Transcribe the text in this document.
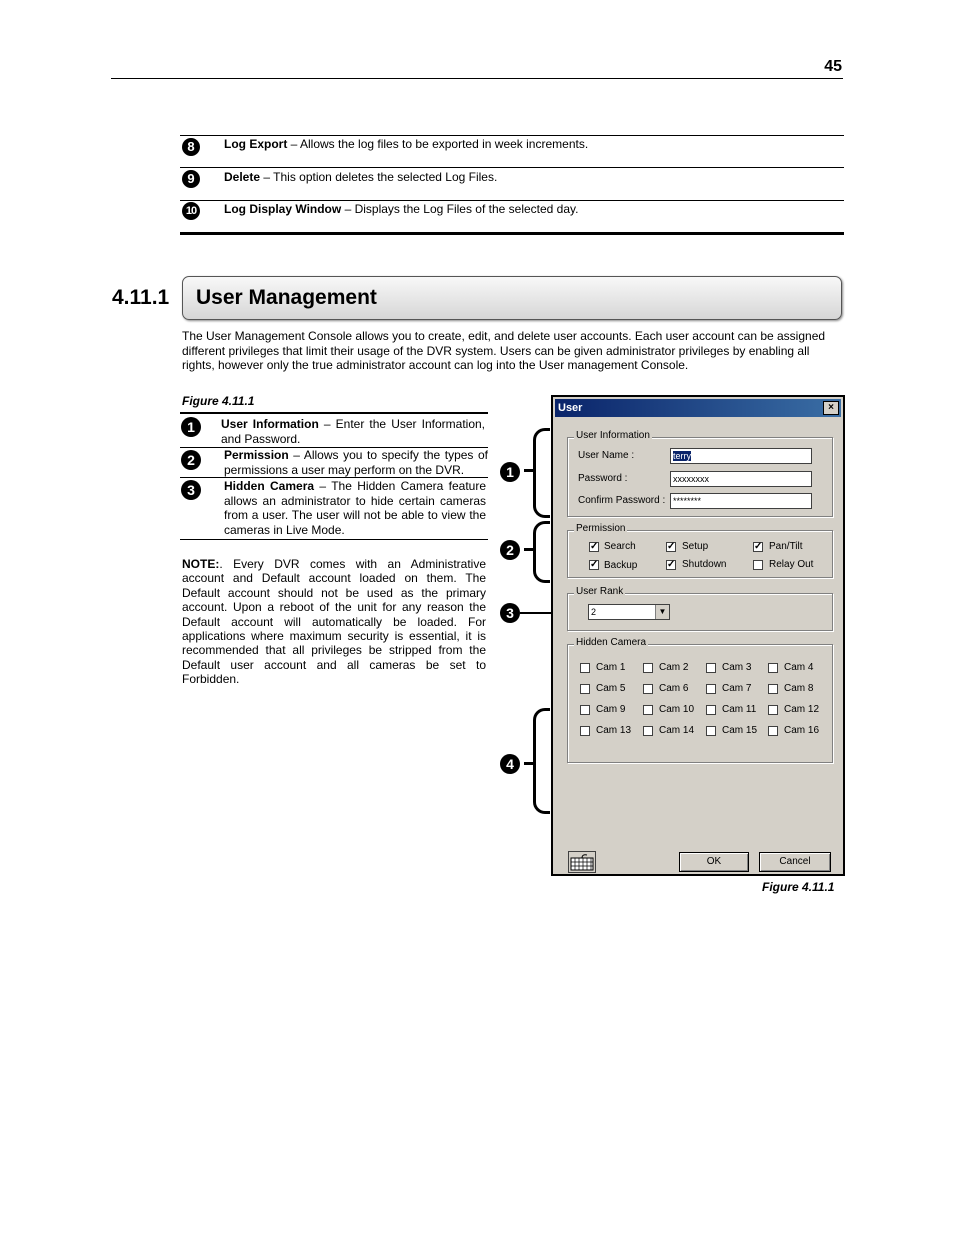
45
8	Log Export – Allows the log files to be exported in week increments.
9	Delete – This option deletes the selected Log Files.
10	Log Display Window – Displays the Log Files of the selected day.
4.11.1 User Management
The User Management Console allows you to create, edit, and delete user accounts. Each user account can be assigned different privileges that limit their usage of the DVR system. Users can be given administrator privileges by enabling all rights, however only the true administrator account can log into the User management Console.
Figure 4.11.1
1	User Information – Enter the User Information, and Password.
2	Permission – Allows you to specify the types of permissions a user may perform on the DVR.
3	Hidden Camera – The Hidden Camera feature allows an administrator to hide certain cameras from a user. The user will not be able to view the cameras in Live Mode.
NOTE:. Every DVR comes with an Administrative account and Default account loaded on them. The Default account should not be used as the primary account. Upon a reboot of the unit for any reason the Default account will automatically be loaded. For applications where maximum security is essential, it is recommended that all privileges be stripped from the Default user account and all cameras be set to Forbidden.
1
2
3
4
User	×
User Information
User Name :	terry
Password :	xxxxxxxx
Confirm Password : ********
Permission
✓ Search	✓ Setup	✓ Pan/Tilt
✓ Backup	✓ Shutdown	Relay Out
User Rank
2	▼
Hidden Camera
Cam 1	Cam 2	Cam 3	Cam 4
Cam 5	Cam 6	Cam 7	Cam 8
Cam 9	Cam 10	Cam 11	Cam 12
Cam 13	Cam 14	Cam 15	Cam 16
OK	Cancel
Figure 4.11.1
